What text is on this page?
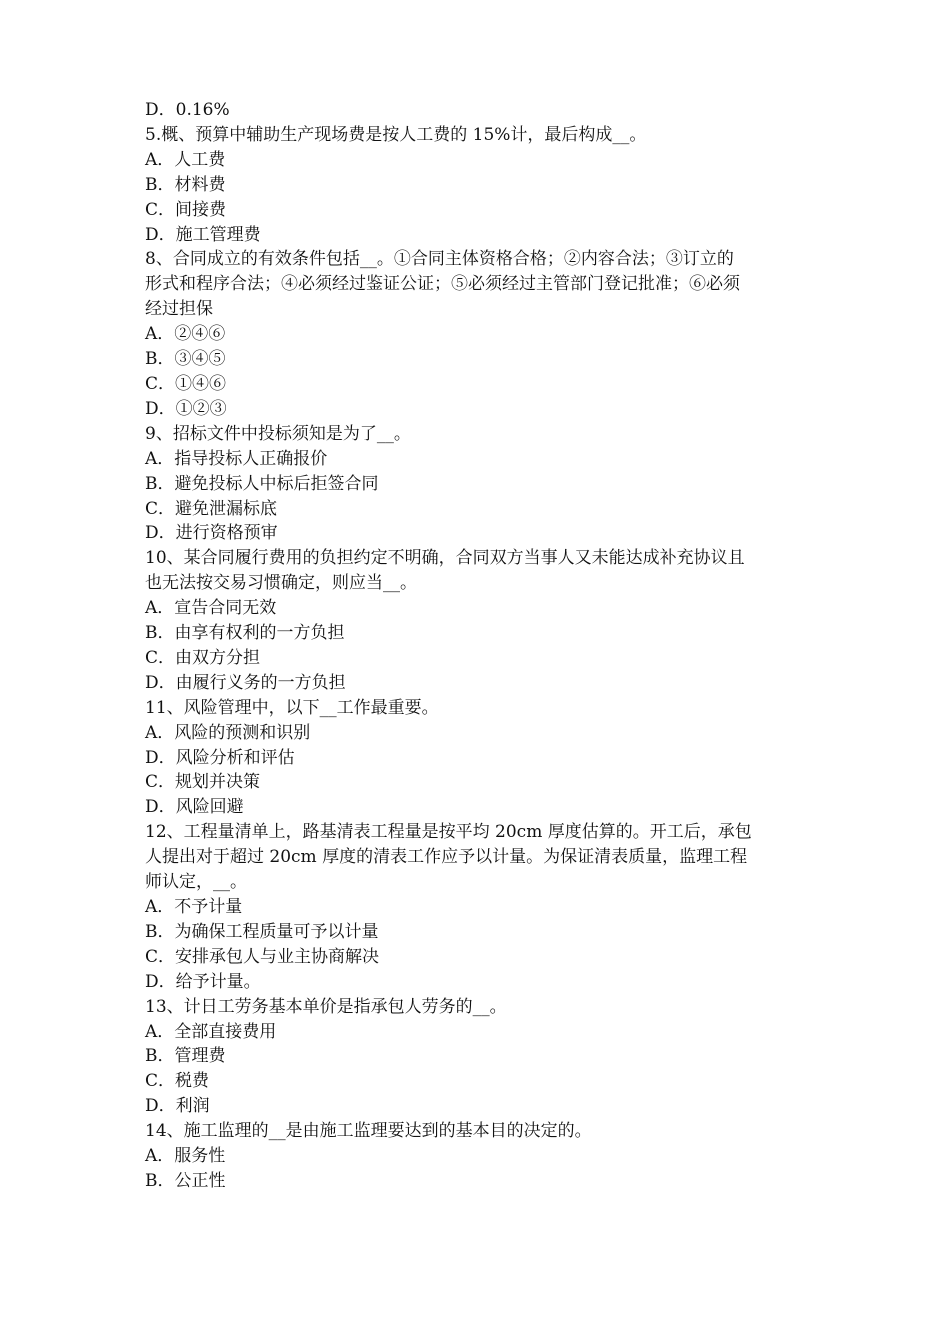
D．0.16%
5.概、预算中辅助生产现场费是按人工费的 15%计，最后构成__。
A．人工费
B．材料费
C．间接费
D．施工管理费
8、合同成立的有效条件包括__。①合同主体资格合格；②内容合法；③订立的
形式和程序合法；④必须经过鉴证公证；⑤必须经过主管部门登记批准；⑥必须
经过担保
A．②④⑥
B．③④⑤
C．①④⑥
D．①②③
9、招标文件中投标须知是为了__。
A．指导投标人正确报价
B．避免投标人中标后拒签合同
C．避免泄漏标底
D．进行资格预审
10、某合同履行费用的负担约定不明确，合同双方当事人又未能达成补充协议且
也无法按交易习惯确定，则应当__。
A．宣告合同无效
B．由享有权利的一方负担
C．由双方分担
D．由履行义务的一方负担
11、风险管理中，以下__工作最重要。
A．风险的预测和识别
D．风险分析和评估
C．规划并决策
D．风险回避
12、工程量清单上，路基清表工程量是按平均 20cm 厚度估算的。开工后，承包
人提出对于超过 20cm 厚度的清表工作应予以计量。为保证清表质量，监理工程
师认定，__。
A．不予计量
B．为确保工程质量可予以计量
C．安排承包人与业主协商解决
D．给予计量。
13、计日工劳务基本单价是指承包人劳务的__。
A．全部直接费用
B．管理费
C．税费
D．利润
14、施工监理的__是由施工监理要达到的基本目的决定的。
A．服务性
B．公正性
